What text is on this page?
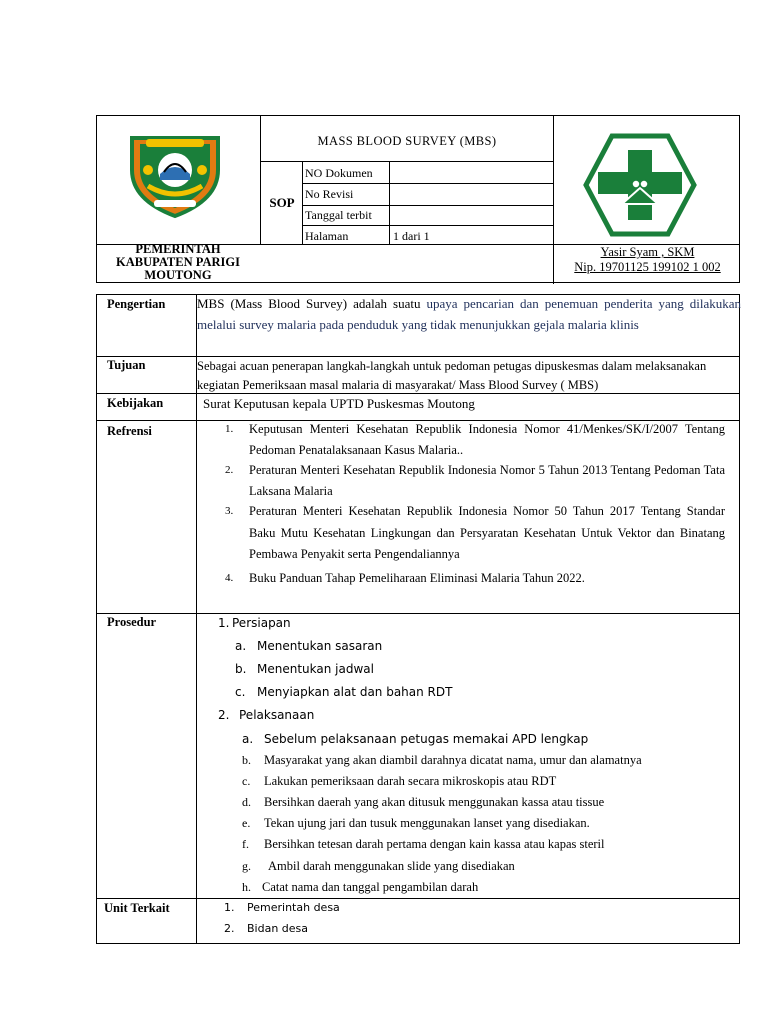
MASS BLOOD SURVEY (MBS)
SOP
NO Dokumen
No Revisi
Tanggal terbit
Halaman	1 dari 1
PEMERINTAH
KABUPATEN PARIGI
MOUTONG
Yasir Syam , SKM
Nip. 19701125 199102 1 002
Pengertian MBS (Mass Blood Survey) adalah suatu upaya pencarian dan penemuan penderita yang dilakukan melalui survey malaria pada penduduk yang tidak menunjukkan gejala malaria klinis
Tujuan	Sebagai acuan penerapan langkah-langkah untuk pedoman petugas dipuskesmas dalam melaksanakan kegiatan Pemeriksaan masal malaria di masyarakat/ Mass Blood Survey ( MBS)
Kebijakan	Surat Keputusan kepala UPTD Puskesmas Moutong
Refrensi	1. Keputusan Menteri Kesehatan Republik Indonesia Nomor 41/Menkes/SK/I/2007 Tentang Pedoman Penatalaksanaan Kasus Malaria..
2. Peraturan Menteri Kesehatan Republik Indonesia Nomor 5 Tahun 2013 Tentang Pedoman Tata Laksana Malaria
3. Peraturan Menteri Kesehatan Republik Indonesia Nomor 50 Tahun 2017 Tentang Standar Baku Mutu Kesehatan Lingkungan dan Persyaratan Kesehatan Untuk Vektor dan Binatang Pembawa Penyakit serta Pengendaliannya
4. Buku Panduan Tahap Pemeliharaan Eliminasi Malaria Tahun 2022.
Prosedur	1. Persiapan
a. Menentukan sasaran
b. Menentukan jadwal
c. Menyiapkan alat dan bahan RDT
2. Pelaksanaan
a. Sebelum pelaksanaan petugas memakai APD lengkap
b. Masyarakat yang akan diambil darahnya dicatat nama, umur dan alamatnya
c. Lakukan pemeriksaan darah secara mikroskopis atau RDT
d. Bersihkan daerah yang akan ditusuk menggunakan kassa atau tissue
e. Tekan ujung jari dan tusuk menggunakan lanset yang disediakan.
f. Bersihkan tetesan darah pertama dengan kain kassa atau kapas steril
g. Ambil darah menggunakan slide yang disediakan
h. Catat nama dan tanggal pengambilan darah
Unit Terkait	1. Pemerintah desa
2. Bidan desa
